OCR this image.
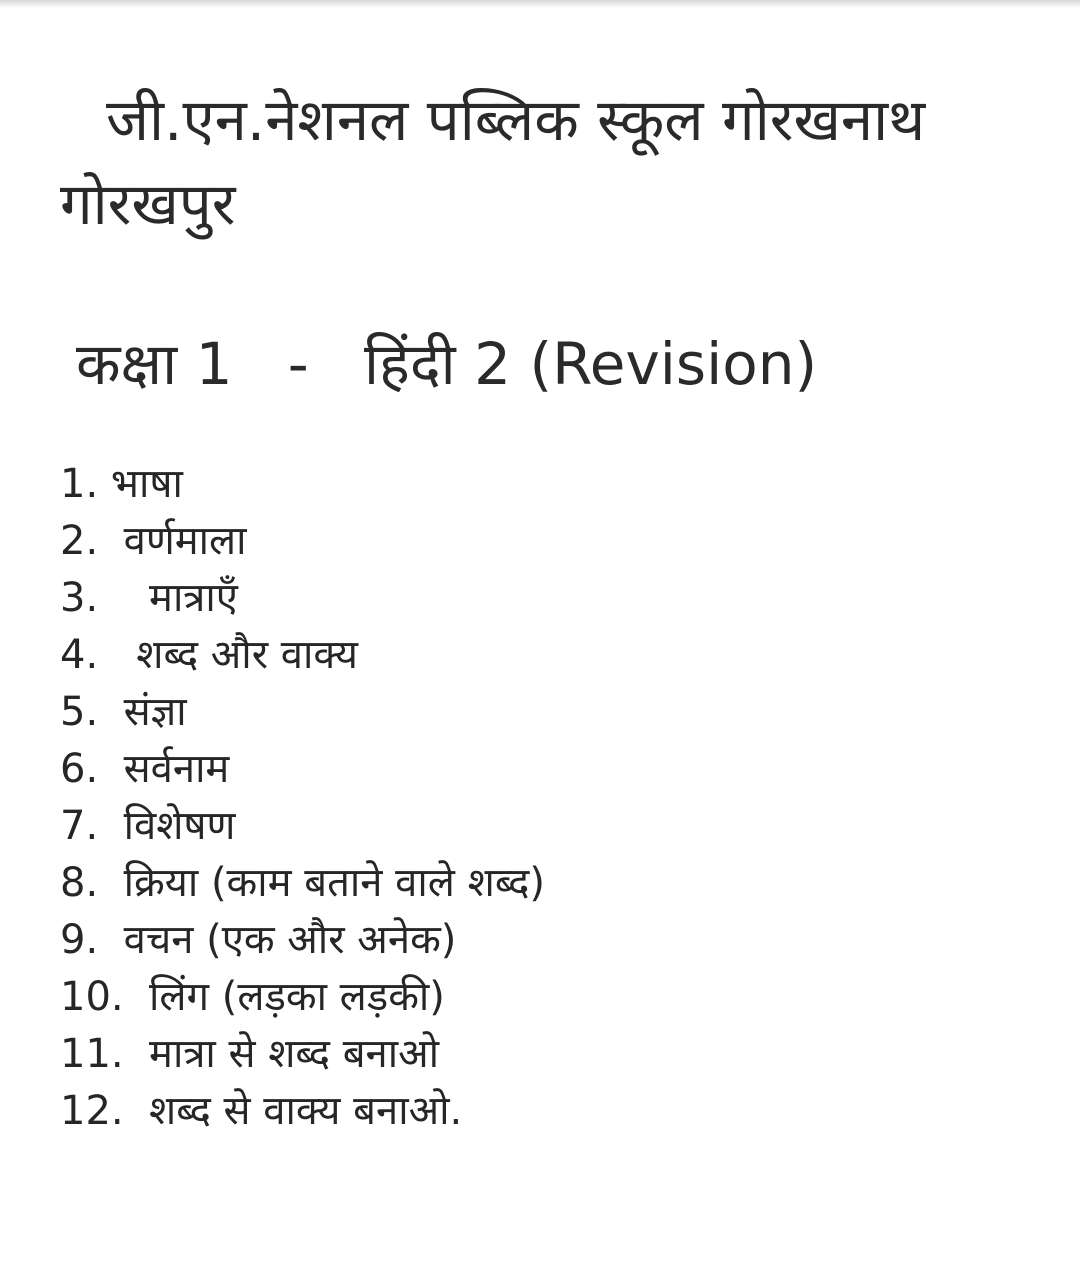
जी.एन.नेशनल पब्लिक स्कूल गोरखनाथ गोरखपुर
कक्षा 1   -   हिंदी 2 (Revision)
1. भाषा
2.  वर्णमाला
3.    मात्राएँ
4.   शब्द और वाक्य
5.  संज्ञा
6.  सर्वनाम
7.  विशेषण
8.  क्रिया (काम बताने वाले शब्द)
9.  वचन (एक और अनेक)
10.  लिंग (लड़का लड़की)
11.  मात्रा से शब्द बनाओ
12.  शब्द से वाक्य बनाओ.
